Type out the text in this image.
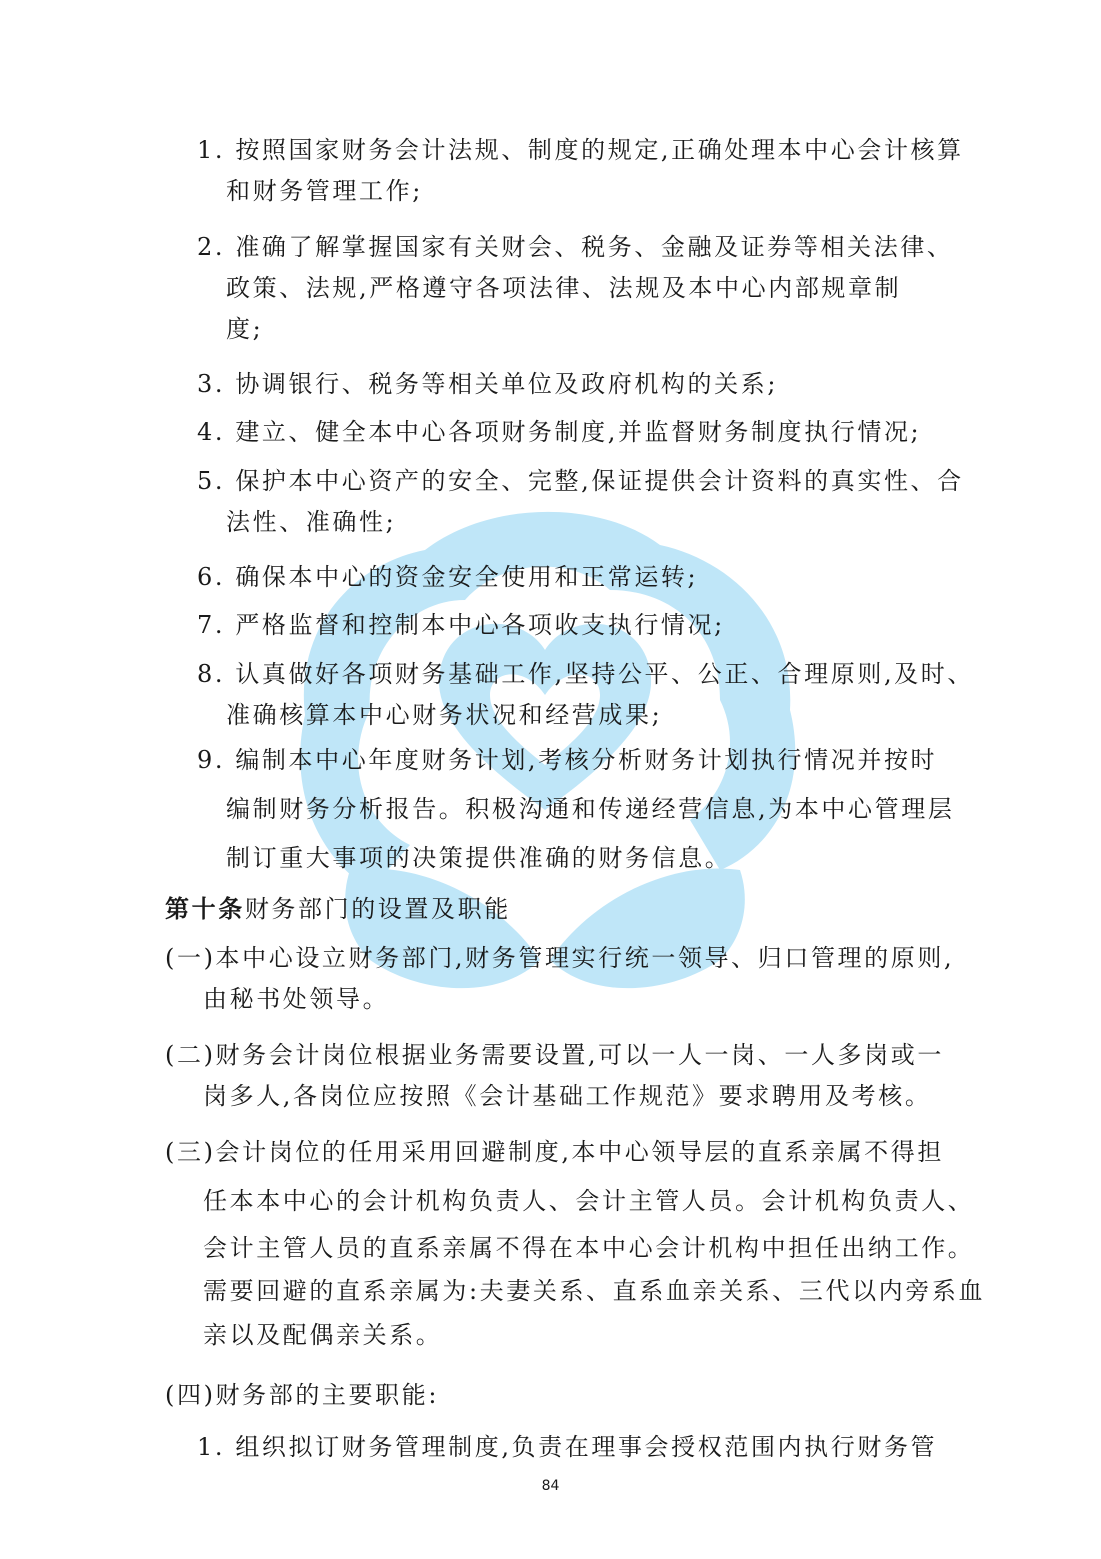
1. 按照国家财务会计法规、制度的规定,正确处理本中心会计核算
和财务管理工作;
2. 准确了解掌握国家有关财会、税务、金融及证券等相关法律、
政策、法规,严格遵守各项法律、法规及本中心内部规章制
度;
3. 协调银行、税务等相关单位及政府机构的关系;
4. 建立、健全本中心各项财务制度,并监督财务制度执行情况;
5. 保护本中心资产的安全、完整,保证提供会计资料的真实性、合
法性、准确性;
6. 确保本中心的资金安全使用和正常运转;
7. 严格监督和控制本中心各项收支执行情况;
8. 认真做好各项财务基础工作,坚持公平、公正、合理原则,及时、
准确核算本中心财务状况和经营成果;
9. 编制本中心年度财务计划,考核分析财务计划执行情况并按时
编制财务分析报告。积极沟通和传递经营信息,为本中心管理层
制订重大事项的决策提供准确的财务信息。
第十条财务部门的设置及职能
(一)本中心设立财务部门,财务管理实行统一领导、归口管理的原则,
由秘书处领导。
(二)财务会计岗位根据业务需要设置,可以一人一岗、一人多岗或一
岗多人,各岗位应按照《会计基础工作规范》要求聘用及考核。
(三)会计岗位的任用采用回避制度,本中心领导层的直系亲属不得担
任本本中心的会计机构负责人、会计主管人员。会计机构负责人、
会计主管人员的直系亲属不得在本中心会计机构中担任出纳工作。
需要回避的直系亲属为:夫妻关系、直系血亲关系、三代以内旁系血
亲以及配偶亲关系。
(四)财务部的主要职能:
1. 组织拟订财务管理制度,负责在理事会授权范围内执行财务管
84
